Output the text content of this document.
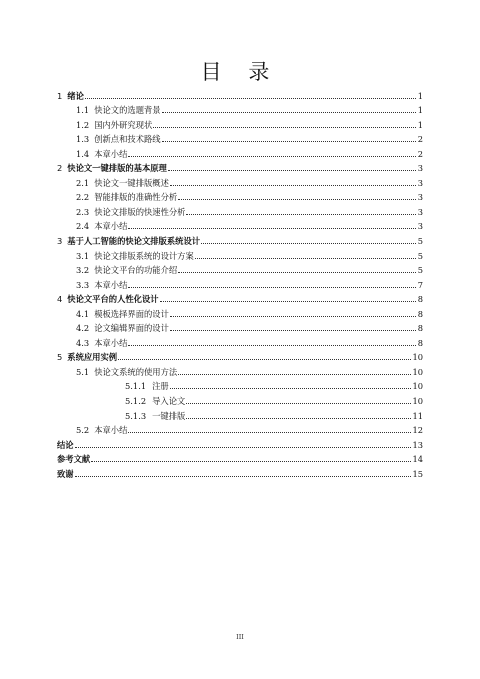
目 录
1 绪论	1
1.1 快论文的选题背景	1
1.2 国内外研究现状	1
1.3 创新点和技术路线	2
1.4 本章小结	2
2 快论文一键排版的基本原理	3
2.1 快论文一键排版概述	3
2.2 智能排版的准确性分析	3
2.3 快论文排版的快速性分析	3
2.4 本章小结	3
3 基于人工智能的快论文排版系统设计	5
3.1 快论文排版系统的设计方案	5
3.2 快论文平台的功能介绍	5
3.3 本章小结	7
4 快论文平台的人性化设计	8
4.1 模板选择界面的设计	8
4.2 论文编辑界面的设计	8
4.3 本章小结	8
5 系统应用实例	10
5.1 快论文系统的使用方法	10
5.1.1 注册	10
5.1.2 导入论文	10
5.1.3 一键排版	11
5.2 本章小结	12
结论	13
参考文献	14
致谢	15
III
